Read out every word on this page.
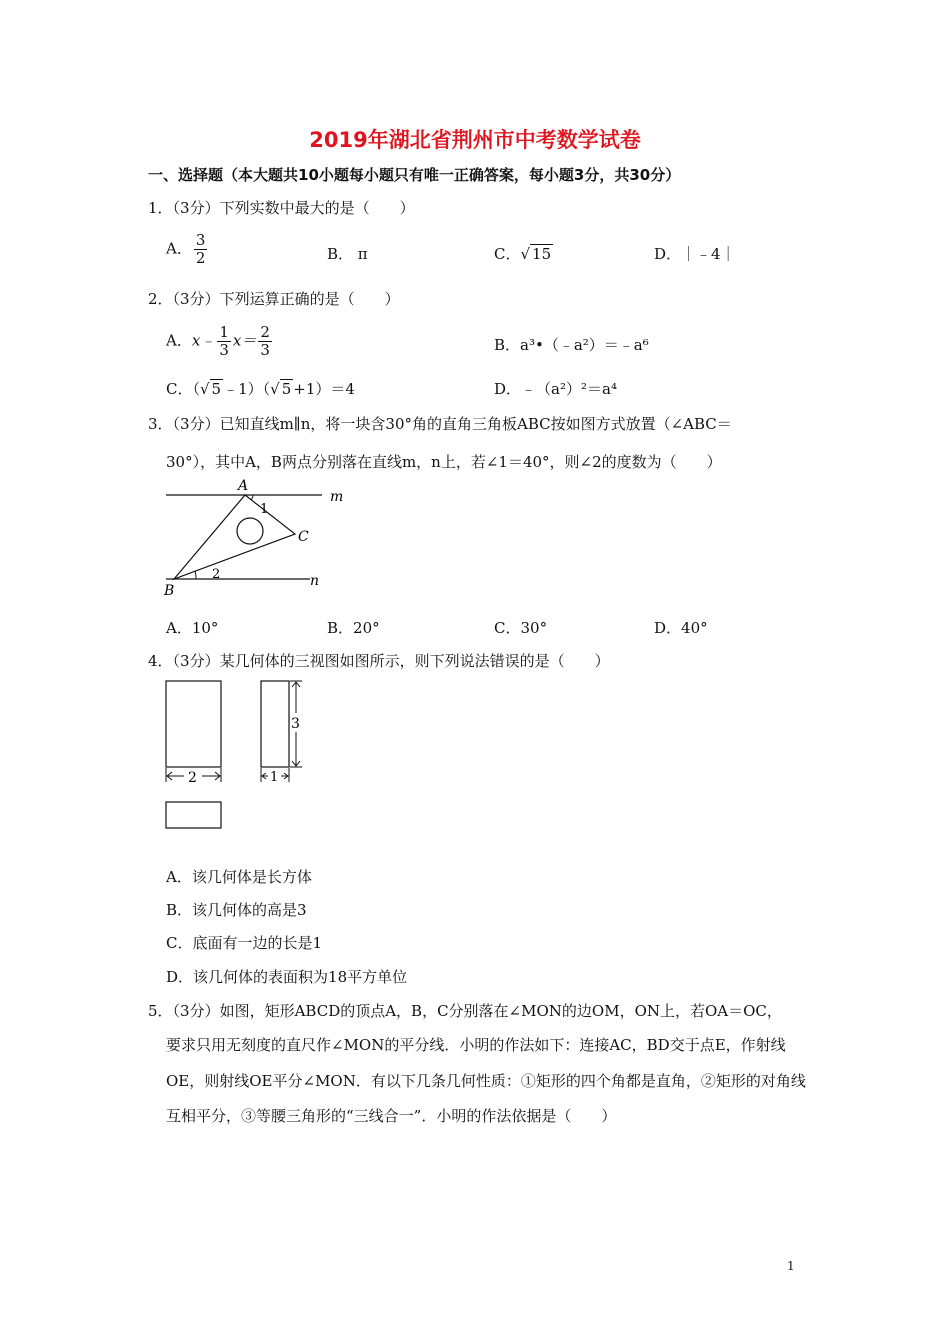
2019年湖北省荆州市中考数学试卷
一、选择题（本大题共10小题每小题只有唯一正确答案，每小题3分，共30分）
1．（3分）下列实数中最大的是（　　）
A． $\frac{3}{2}$	B． π	C．√ 15	D．｜﹣4｜
2．（3分）下列运算正确的是（　　）
A．x﹣ $\frac{1}{3} x= \frac{2}{3}$	B．a³•（﹣a²）＝﹣a⁶
C．（√ 5 ﹣1）（√ 5 +1）＝4	D．﹣（a²）²＝a⁴
3．（3分）已知直线m∥n，将一块含30°角的直角三角板ABC按如图方式放置（∠ABC＝
30°），其中A，B两点分别落在直线m，n上，若∠1＝40°，则∠2的度数为（　　）
A
B
C
m
n
1
2
A．10°	B．20°	C．30°	D．40°
4．（3分）某几何体的三视图如图所示，则下列说法错误的是（　　）
2
3
1
A．该几何体是长方体
B．该几何体的高是3
C．底面有一边的长是1
D．该几何体的表面积为18平方单位
5．（3分）如图，矩形ABCD的顶点A，B，C分别落在∠MON的边OM，ON上，若OA＝OC，
要求只用无刻度的直尺作∠MON的平分线．小明的作法如下：连接AC，BD交于点E，作射线OE，则射线OE平分∠MON．有以下几条几何性质：①矩形的四个角都是直角，②矩形的对角线互相平分，③等腰三角形的“三线合一”．小明的作法依据是（　　）
1
